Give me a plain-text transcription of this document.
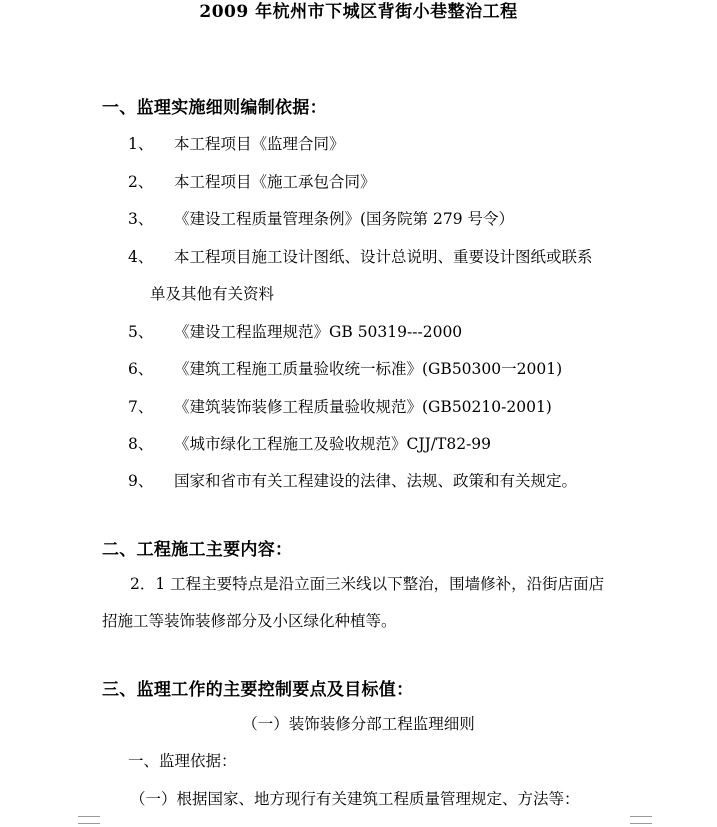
2009 年杭州市下城区背街小巷整治工程
一、监理实施细则编制依据：
1、 本工程项目《监理合同》
2、 本工程项目《施工承包合同》
3、 《建设工程质量管理条例》(国务院第 279 号令）
4、 本工程项目施工设计图纸、设计总说明、重要设计图纸或联系
单及其他有关资料
5、 《建设工程监理规范》GB 50319---2000
6、 《建筑工程施工质量验收统一标准》(GB50300一2001)
7、 《建筑装饰装修工程质量验收规范》(GB50210-2001)
8、 《城市绿化工程施工及验收规范》CJJ/T82-99
9、 国家和省市有关工程建设的法律、法规、政策和有关规定。
二、工程施工主要内容：
2．1 工程主要特点是沿立面三米线以下整治，围墙修补，沿街店面店
招施工等装饰装修部分及小区绿化种植等。
三、监理工作的主要控制要点及目标值：
（一）装饰装修分部工程监理细则
一、监理依据：
（一）根据国家、地方现行有关建筑工程质量管理规定、方法等：
